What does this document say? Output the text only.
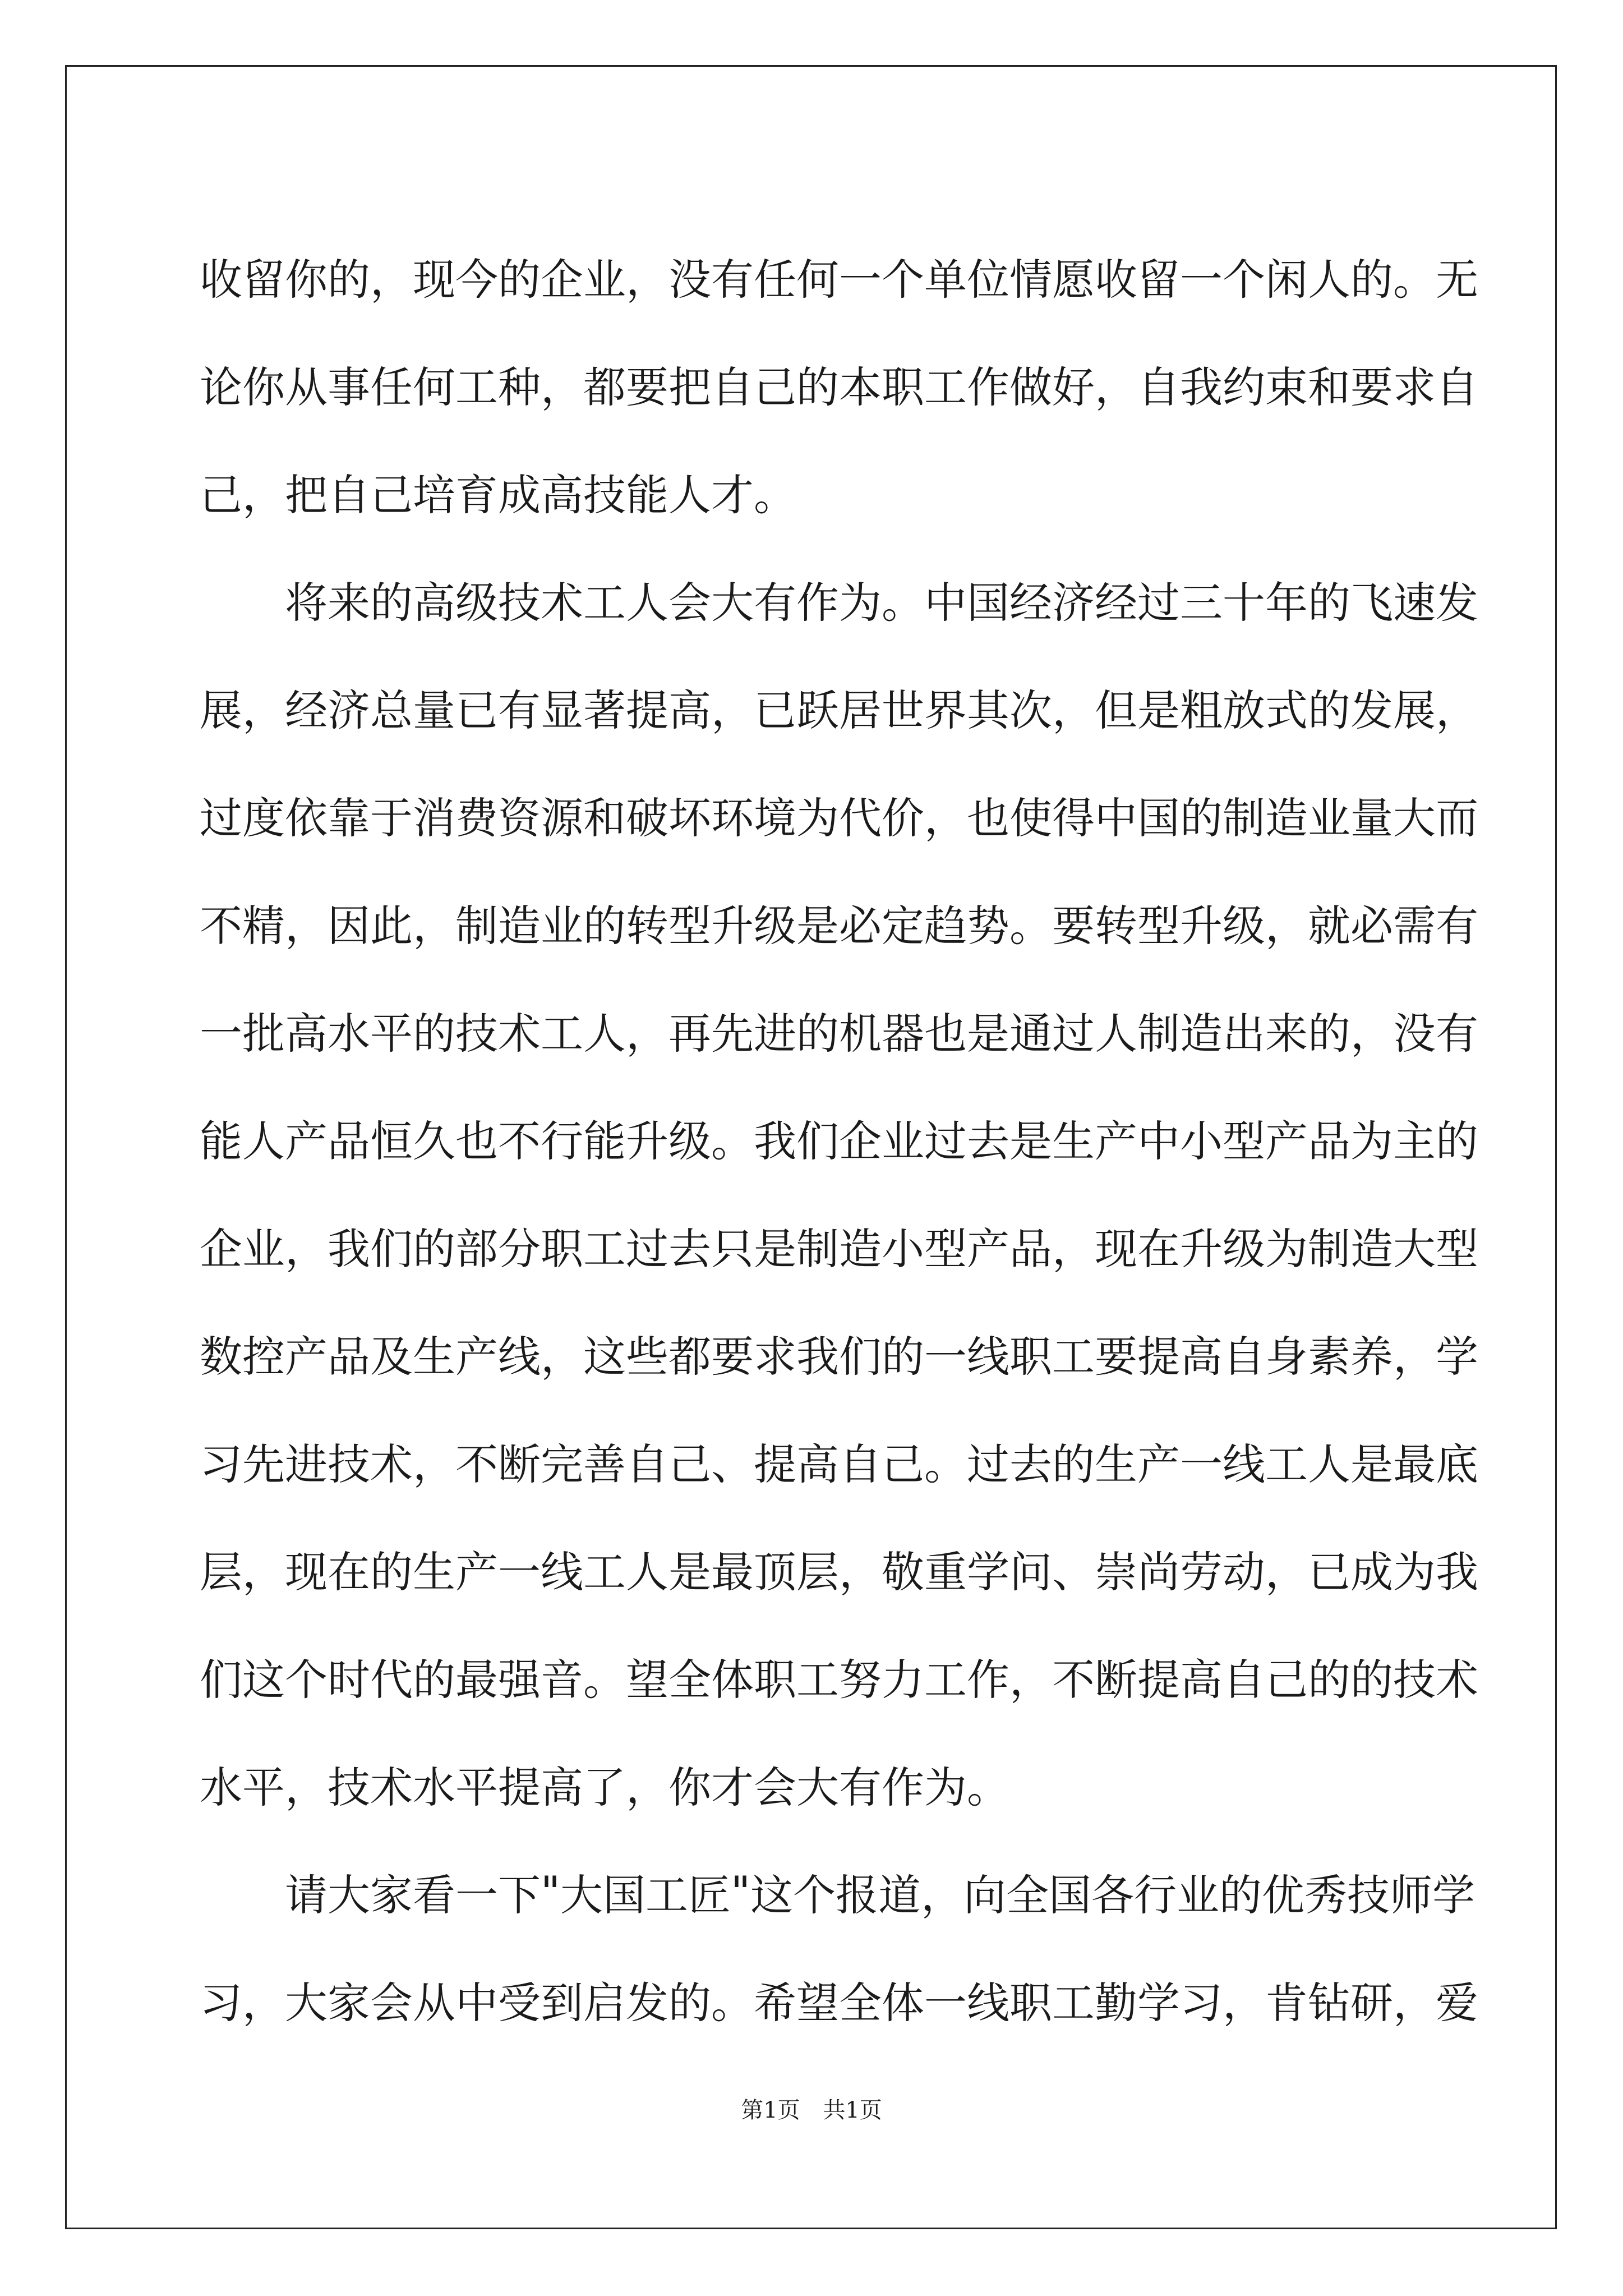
收 留 你 的 ， 现 今 的 企 业 ， 没 有 任 何 一 个 单 位 情 愿 收 留 一 个 闲 人 的 。 无
论 你 从 事 任 何 工 种 ， 都 要 把 自 己 的 本 职 工 作 做 好 ， 自 我 约 束 和 要 求 自
己，把自己培育成高技能人才。

将 来 的 高 级 技 术 工 人 会 大 有 作 为 。 中 国 经 济 经 过 三 十 年 的 飞 速 发
展 ， 经 济 总 量 已 有 显 著 提 高 ， 已 跃 居 世 界 其 次 ， 但 是 粗 放 式 的 发 展 ，
过 度 依 靠 于 消 费 资 源 和 破 坏 环 境 为 代 价 ， 也 使 得 中 国 的 制 造 业 量 大 而
不 精 ， 因 此 ， 制 造 业 的 转 型 升 级 是 必 定 趋 势 。 要 转 型 升 级 ， 就 必 需 有
一 批 高 水 平 的 技 术 工 人 ， 再 先 进 的 机 器 也 是 通 过 人 制 造 出 来 的 ， 没 有
能 人 产 品 恒 久 也 不 行 能 升 级 。 我 们 企 业 过 去 是 生 产 中 小 型 产 品 为 主 的
企 业 ， 我 们 的 部 分 职 工 过 去 只 是 制 造 小 型 产 品 ， 现 在 升 级 为 制 造 大 型
数 控 产 品 及 生 产 线 ， 这 些 都 要 求 我 们 的 一 线 职 工 要 提 高 自 身 素 养 ， 学
习 先 进 技 术 ， 不 断 完 善 自 己 、 提 高 自 己 。 过 去 的 生 产 一 线 工 人 是 最 底
层 ， 现 在 的 生 产 一 线 工 人 是 最 顶 层 ， 敬 重 学 问 、 崇 尚 劳 动 ， 已 成 为 我
们 这 个 时 代 的 最 强 音 。 望 全 体 职 工 努 力 工 作 ， 不 断 提 高 自 己 的 的 技 术
水平，技术水平提高了，你才会大有作为。

请 大 家 看 一 下 " 大 国 工 匠 " 这 个 报 道 ， 向 全 国 各 行 业 的 优 秀 技 师 学
习 ， 大 家 会 从 中 受 到 启 发 的 。 希 望 全 体 一 线 职 工 勤 学 习 ， 肯 钻 研 ， 爱
第1页 共1页
